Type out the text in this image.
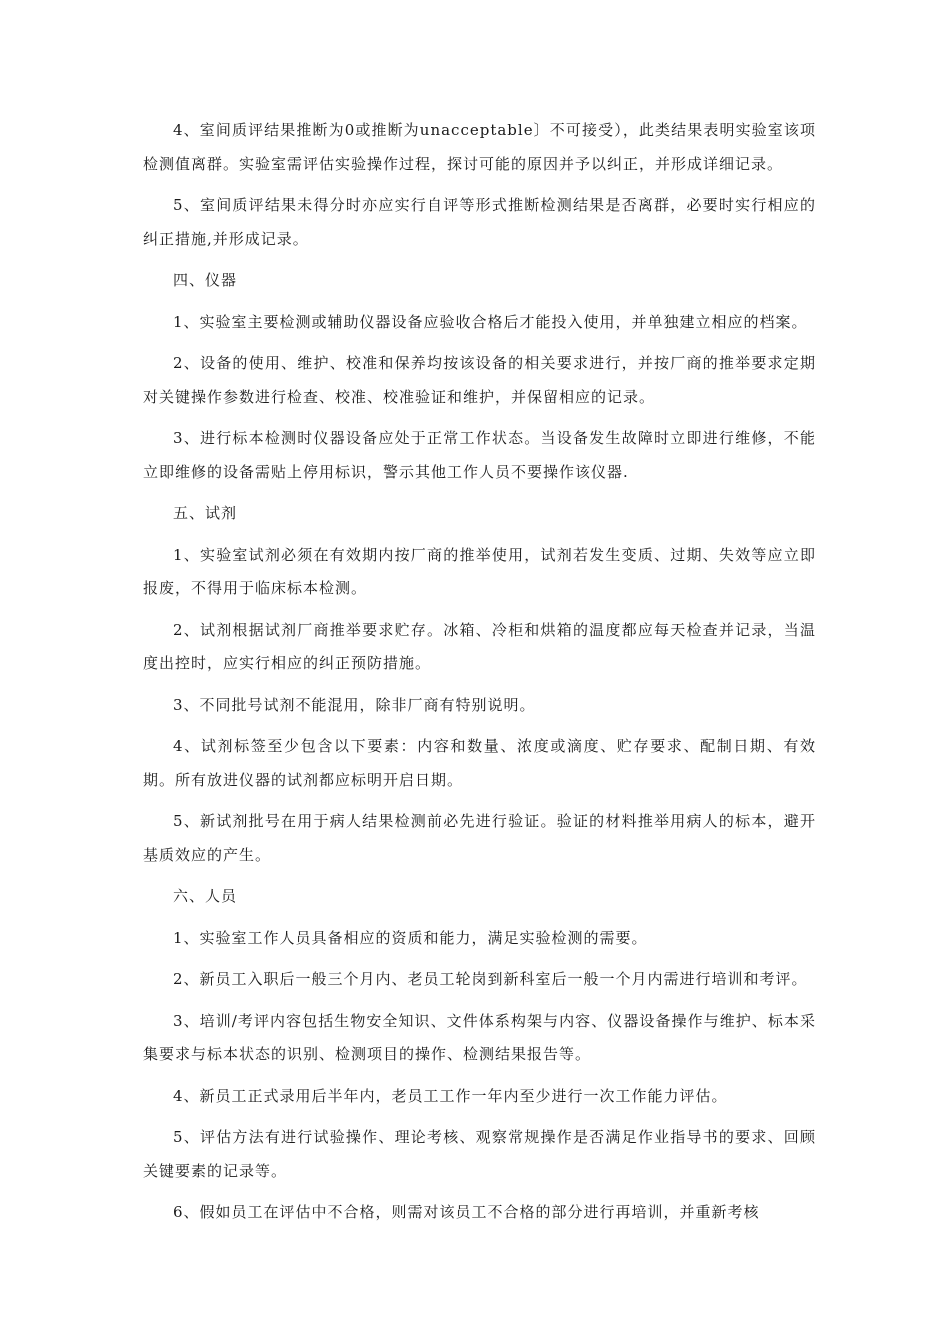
4、室间质评结果推断为0或推断为unacceptable〕不可接受），此类结果表明实验室该项检测值离群。实验室需评估实验操作过程，探讨可能的原因并予以纠正，并形成详细记录。

5、室间质评结果未得分时亦应实行自评等形式推断检测结果是否离群，必要时实行相应的纠正措施,并形成记录。

四、仪器

1、实验室主要检测或辅助仪器设备应验收合格后才能投入使用，并单独建立相应的档案。

2、设备的使用、维护、校准和保养均按该设备的相关要求进行，并按厂商的推举要求定期对关键操作参数进行检查、校准、校准验证和维护，并保留相应的记录。

3、进行标本检测时仪器设备应处于正常工作状态。当设备发生故障时立即进行维修，不能立即维修的设备需贴上停用标识，警示其他工作人员不要操作该仪器.

五、试剂

1、实验室试剂必须在有效期内按厂商的推举使用，试剂若发生变质、过期、失效等应立即报废，不得用于临床标本检测。

2、试剂根据试剂厂商推举要求贮存。冰箱、冷柜和烘箱的温度都应每天检查并记录，当温度出控时，应实行相应的纠正预防措施。

3、不同批号试剂不能混用，除非厂商有特别说明。

4、试剂标签至少包含以下要素：内容和数量、浓度或滴度、贮存要求、配制日期、有效期。所有放进仪器的试剂都应标明开启日期。

5、新试剂批号在用于病人结果检测前必先进行验证。验证的材料推举用病人的标本，避开基质效应的产生。

六、人员

1、实验室工作人员具备相应的资质和能力，满足实验检测的需要。

2、新员工入职后一般三个月内、老员工轮岗到新科室后一般一个月内需进行培训和考评。

3、培训/考评内容包括生物安全知识、文件体系构架与内容、仪器设备操作与维护、标本采集要求与标本状态的识别、检测项目的操作、检测结果报告等。

4、新员工正式录用后半年内，老员工工作一年内至少进行一次工作能力评估。

5、评估方法有进行试验操作、理论考核、观察常规操作是否满足作业指导书的要求、回顾关键要素的记录等。

6、假如员工在评估中不合格，则需对该员工不合格的部分进行再培训，并重新考核
